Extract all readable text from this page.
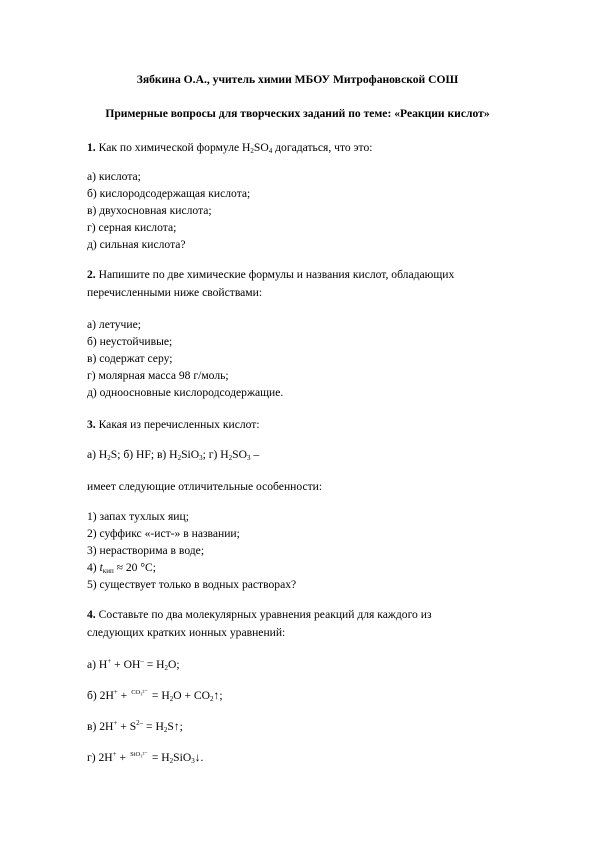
Зябкина О.А., учитель химии МБОУ Митрофановской СОШ
Примерные вопросы для творческих заданий по теме: «Реакции кислот»
1. Как по химической формуле $H_2SO_4$ догадаться, что это:
а) кислота;
б) кислородсодержащая кислота;
в) двухосновная кислота;
г) серная кислота;
д) сильная кислота?
2. Напишите по две химические формулы и названия кислот, обладающих
перечисленными ниже свойствами:
а) летучие;
б) неустойчивые;
в) содержат серу;
г) молярная масса 98 г/моль;
д) одноосновные кислородсодержащие.
3. Какая из перечисленных кислот:
а) $H_2S$; б) HF; в) $H_2SiO_3$; г) $H_2SO_3$ –
имеет следующие отличительные особенности:
1) запах тухлых яиц;
2) суффикс «-ист-» в названии;
3) нерастворима в воде;
4) $t_{кип} \approx 20$ °С;
5) существует только в водных растворах?
4. Составьте по два молекулярных уравнения реакций для каждого из
следующих кратких ионных уравнений:
а) $H^+ + OH^- = H_2O$;
б) $2H^+ + CO_3^{2-} = H_2O$ + $CO_2↑$;
в) $2H^+ + S^{2-}$ = $H_2S↑$;
г) $2H^+ + SiO_3^{2-} = H_2SiO_3↓$.
